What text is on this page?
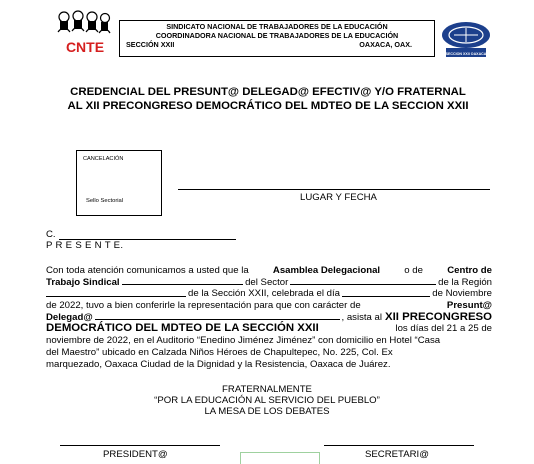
CNTE	SECCION XXII OAXACA
SINDICATO NACIONAL DE TRABAJADORES DE LA EDUCACIÓN
COORDINADORA NACIONAL DE TRABAJADORES DE LA EDUCACIÓN
SECCIÓN XXII	OAXACA, OAX.
CREDENCIAL DEL PRESUNT@ DELEGAD@ EFECTIV@ Y/O FRATERNAL
AL XII PRECONGRESO DEMOCRÁTICO DEL MDTEO DE LA SECCION XXII
CANCELACIÓN
Sello Sectorial	LUGAR Y FECHA
C.
P R E S E N T E.
Con toda atención comunicamos a usted que la	Asamblea Delegacional	o de	Centro de
Trabajo Sindical	del Sector	de la Región
de la Sección XXII, celebrada el día	de Noviembre
de 2022, tuvo a bien conferirle la representación para que con carácter de	Presunt@
Delegad@	, asista al XII PRECONGRESO
DEMOCRÁTICO DEL MDTEO DE LA SECCIÓN XXII	los días del 21 a 25 de
noviembre de 2022, en el Auditorio “Enedino Jiménez Jiménez” con domicilio en Hotel “Casa
del Maestro” ubicado en Calzada Niños Héroes de Chapultepec, No. 225, Col. Ex
marquezado, Oaxaca Ciudad de la Dignidad y la Resistencia, Oaxaca de Juárez.
FRATERNALMENTE
“POR LA EDUCACIÓN AL SERVICIO DEL PUEBLO”
LA MESA DE LOS DEBATES
PRESIDENT@	SECRETARI@
